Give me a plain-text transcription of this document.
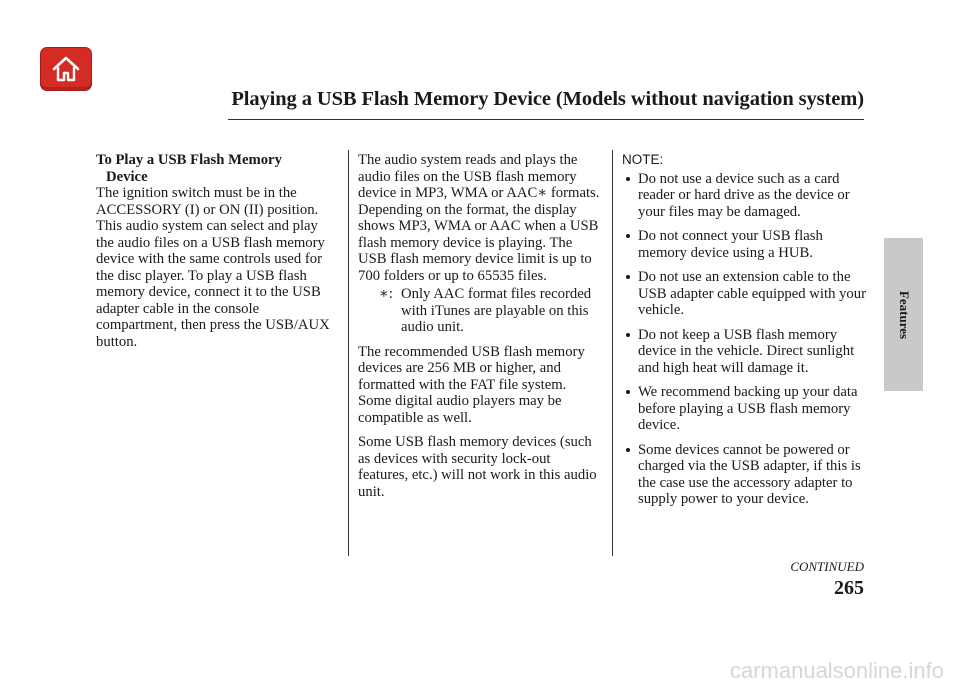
Playing a USB Flash Memory Device (Models without navigation system)

To Play a USB Flash Memory
Device

The ignition switch must be in the ACCESSORY (I) or ON (II) position. This audio system can select and play the audio files on a USB flash memory device with the same controls used for the disc player. To play a USB flash memory device, connect it to the USB adapter cable in the console compartment, then press the USB/AUX button.

The audio system reads and plays the audio files on the USB flash memory device in MP3, WMA or AAC∗ formats. Depending on the format, the display shows MP3, WMA or AAC when a USB flash memory device is playing. The USB flash memory device limit is up to 700 folders or up to 65535 files.

∗: Only AAC format files recorded with iTunes are playable on this audio unit.

The recommended USB flash memory devices are 256 MB or higher, and formatted with the FAT file system. Some digital audio players may be compatible as well.

Some USB flash memory devices (such as devices with security lock-out features, etc.) will not work in this audio unit.

NOTE:

Do not use a device such as a card reader or hard drive as the device or your files may be damaged.
Do not connect your USB flash memory device using a HUB.
Do not use an extension cable to the USB adapter cable equipped with your vehicle.
Do not keep a USB flash memory device in the vehicle. Direct sunlight and high heat will damage it.
We recommend backing up your data before playing a USB flash memory device.
Some devices cannot be powered or charged via the USB adapter, if this is the case use the accessory adapter to supply power to your device.
Features

CONTINUED

265

carmanualsonline.info
